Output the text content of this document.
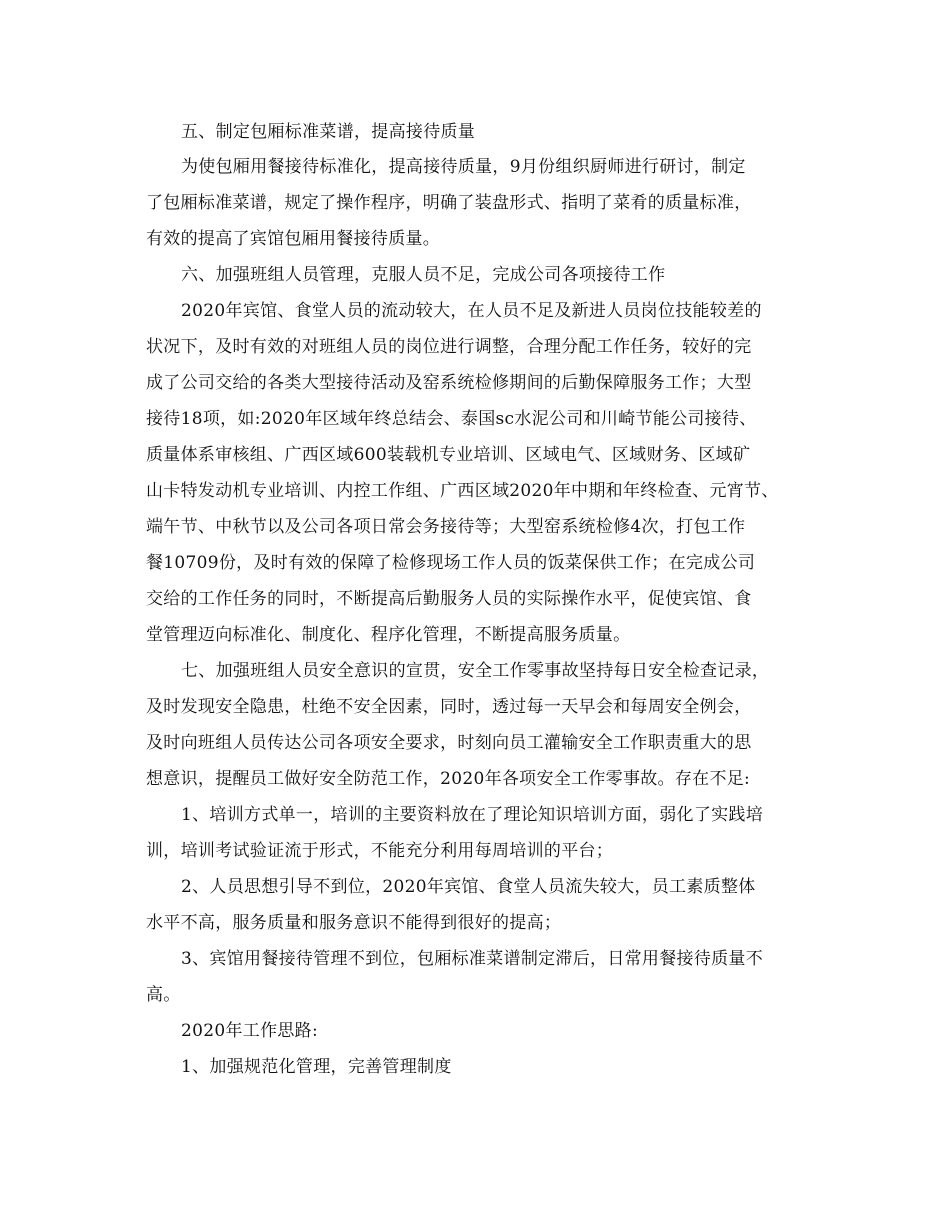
五、制定包厢标准菜谱，提高接待质量
为使包厢用餐接待标准化，提高接待质量，9月份组织厨师进行研讨，制定
了包厢标准菜谱，规定了操作程序，明确了装盘形式、指明了菜肴的质量标准，
有效的提高了宾馆包厢用餐接待质量。
六、加强班组人员管理，克服人员不足，完成公司各项接待工作
2020年宾馆、食堂人员的流动较大，在人员不足及新进人员岗位技能较差的
状况下，及时有效的对班组人员的岗位进行调整，合理分配工作任务，较好的完
成了公司交给的各类大型接待活动及窑系统检修期间的后勤保障服务工作；大型
接待18项，如:2020年区域年终总结会、泰国sc水泥公司和川崎节能公司接待、
质量体系审核组、广西区域600装载机专业培训、区域电气、区域财务、区域矿
山卡特发动机专业培训、内控工作组、广西区域2020年中期和年终检查、元宵节、
端午节、中秋节以及公司各项日常会务接待等；大型窑系统检修4次，打包工作
餐10709份，及时有效的保障了检修现场工作人员的饭菜保供工作；在完成公司
交给的工作任务的同时，不断提高后勤服务人员的实际操作水平，促使宾馆、食
堂管理迈向标准化、制度化、程序化管理，不断提高服务质量。
七、加强班组人员安全意识的宣贯，安全工作零事故坚持每日安全检查记录，
及时发现安全隐患，杜绝不安全因素，同时，透过每一天早会和每周安全例会，
及时向班组人员传达公司各项安全要求，时刻向员工灌输安全工作职责重大的思
想意识，提醒员工做好安全防范工作，2020年各项安全工作零事故。存在不足:
1、培训方式单一，培训的主要资料放在了理论知识培训方面，弱化了实践培
训，培训考试验证流于形式，不能充分利用每周培训的平台；
2、人员思想引导不到位，2020年宾馆、食堂人员流失较大，员工素质整体
水平不高，服务质量和服务意识不能得到很好的提高；
3、宾馆用餐接待管理不到位，包厢标准菜谱制定滞后，日常用餐接待质量不
高。
2020年工作思路:
1、加强规范化管理，完善管理制度
